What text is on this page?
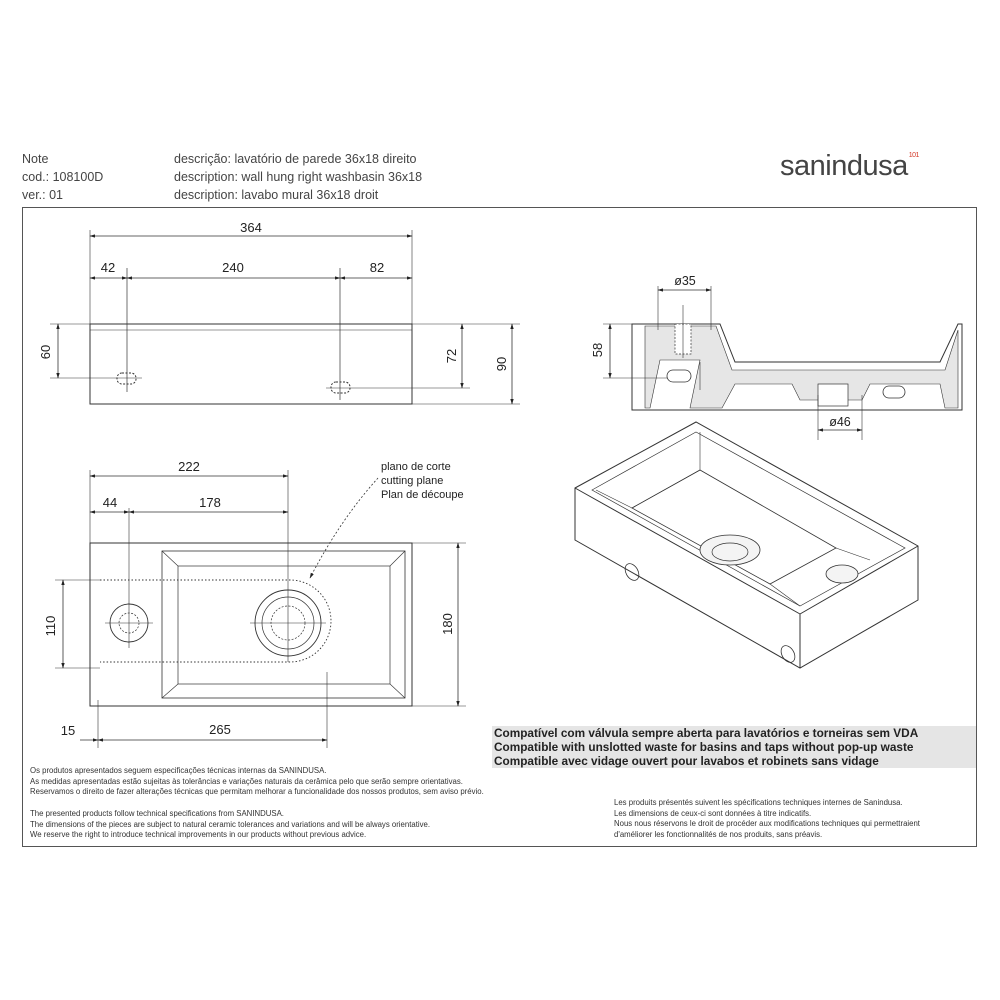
Note
cod.: 108100D
ver.: 01
descrição: lavatório de parede 36x18 direito
description: wall hung right washbasin 36x18
description: lavabo mural 36x18 droit
sanindusa$^{101}$
364
42	240	82
60	72
90
222
44	178
110	180
15	265
plano de corte
cutting plane
Plan de découpe
ø35
58
ø46
Compatível com válvula sempre aberta para lavatórios e torneiras sem VDA
Compatible with unslotted waste for basins and taps without pop-up waste
Compatible avec vidage ouvert pour lavabos et robinets sans vidage
Os produtos apresentados seguem especificações técnicas internas da SANINDUSA.
As medidas apresentadas estão sujeitas às tolerâncias e variações naturais da cerâmica pelo que serão sempre orientativas.
Reservamos o direito de fazer alterações técnicas que permitam melhorar a funcionalidade dos nossos produtos, sem aviso prévio.
The presented products follow technical specifications from SANINDUSA.
The dimensions of the pieces are subject to natural ceramic tolerances and variations and will be always orientative.
We reserve the right to introduce technical improvements in our products without previous advice.
Les produits présentés suivent les spécifications techniques internes de Sanindusa.
Les dimensions de ceux-ci sont données à titre indicatifs.
Nous nous réservons le droit de procéder aux modifications techniques qui permettraient
d'améliorer les fonctionnalités de nos produits, sans préavis.
